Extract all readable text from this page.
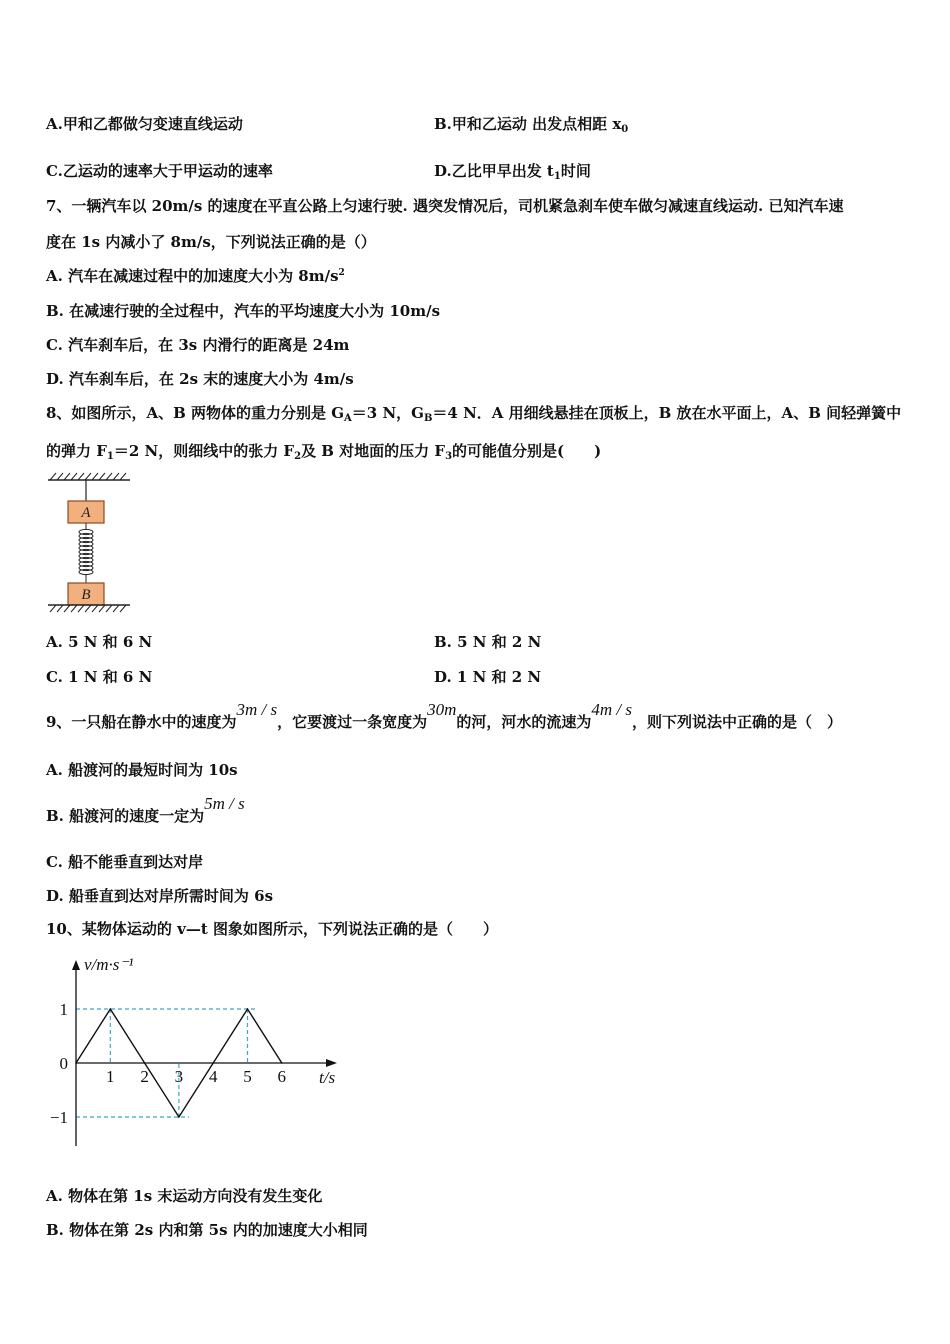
A.甲和乙都做匀变速直线运动	B.甲和乙运动 出发点相距 $x_0$
C.乙运动的速率大于甲运动的速率	D.乙比甲早出发 $t_1$时间
7、一辆汽车以 20m/s 的速度在平直公路上匀速行驶. 遇突发情况后，司机紧急刹车使车做匀减速直线运动. 已知汽车速
度在 1s 内减小了 8m/s，下列说法正确的是（）
A. 汽车在减速过程中的加速度大小为 $8m/s^2$
B. 在减速行驶的全过程中，汽车的平均速度大小为 10m/s
C. 汽车刹车后，在 3s 内滑行的距离是 24m
D. 汽车刹车后，在 2s 末的速度大小为 4m/s
8、如图所示，A、B 两物体的重力分别是 $G_A=3$ N，$G_B=4$ N．A 用细线悬挂在顶板上，B 放在水平面上，A、B 间轻弹簧中
的弹力 $F_1=2$ N，则细线中的张力 $F_2$及 B 对地面的压力 $F_3$的可能值分别是(　　)
A
B
A. 5 N 和 6 N	B. 5 N 和 2 N
C. 1 N 和 6 N	D. 1 N 和 2 N
9、一只船在静水中的速度为3m / s，它要渡过一条宽度为30m的河，河水的流速为4m / s，则下列说法中正确的是（　）
A. 船渡河的最短时间为 10s
B. 船渡河的速度一定为5m / s
C. 船不能垂直到达对岸
D. 船垂直到达对岸所需时间为 6s
10、某物体运动的 v—t 图象如图所示，下列说法正确的是（　　）
1 2 3 4 5 6
1
0
−1
v/m·s⁻¹
t/s
A. 物体在第 1s 末运动方向没有发生变化
B. 物体在第 2s 内和第 5s 内的加速度大小相同
